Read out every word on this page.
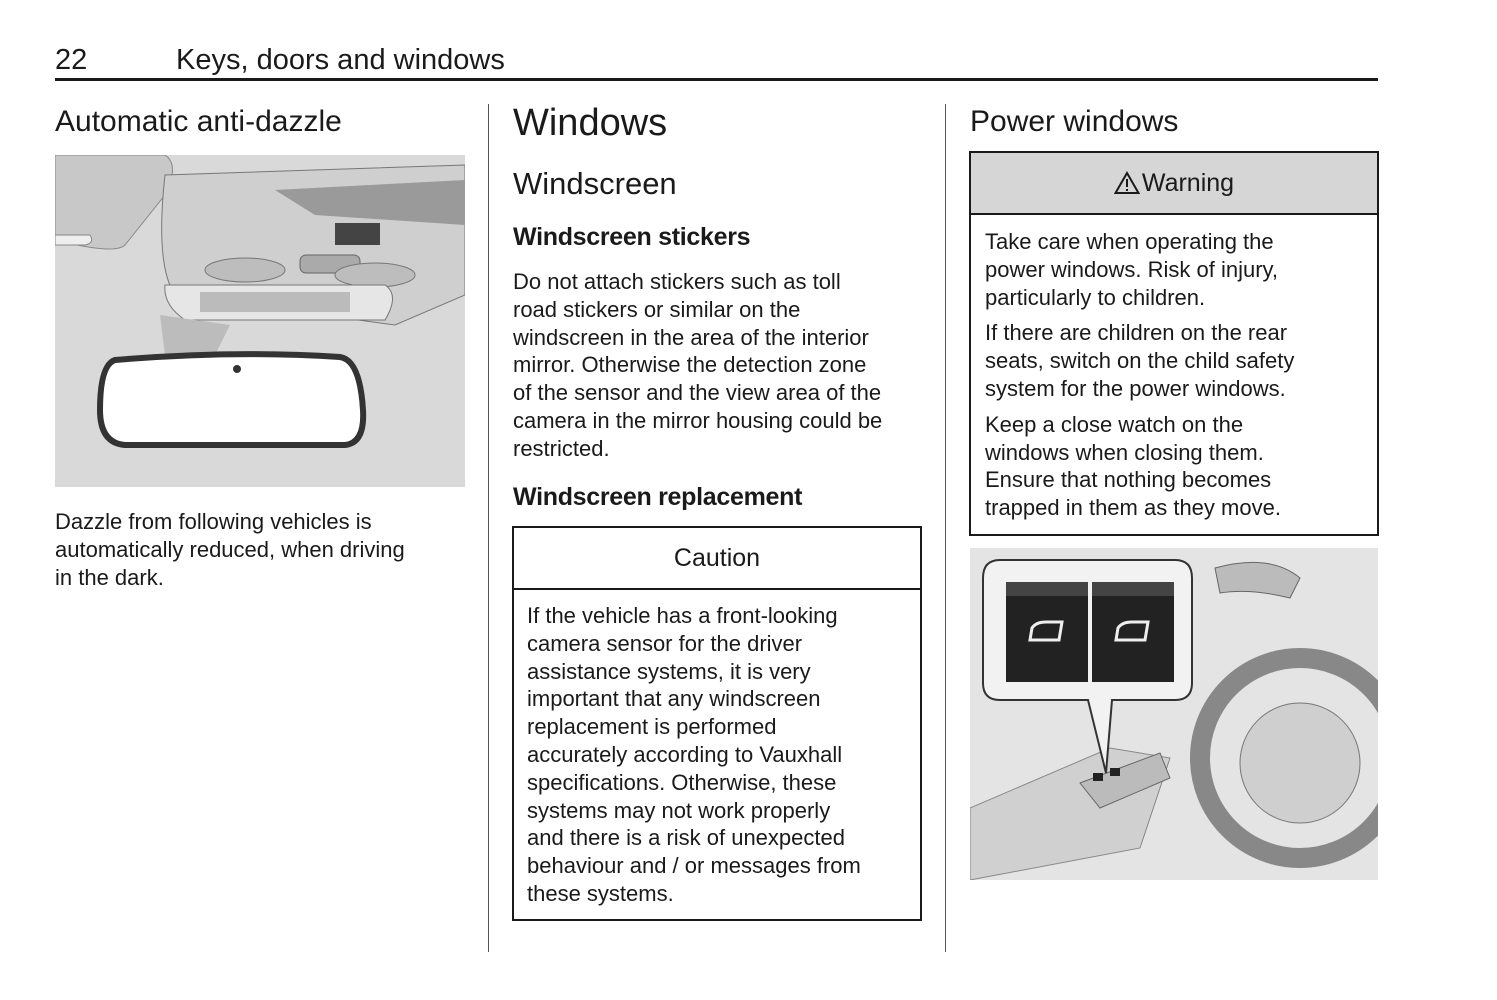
22	Keys, doors and windows
Automatic anti-dazzle
Dazzle from following vehicles is
automatically reduced, when driving
in the dark.
Windows
Windscreen
Windscreen stickers
Do not attach stickers such as toll
road stickers or similar on the
windscreen in the area of the interior
mirror. Otherwise the detection zone
of the sensor and the view area of the
camera in the mirror housing could be
restricted.
Windscreen replacement
Caution
If the vehicle has a front-looking
camera sensor for the driver
assistance systems, it is very
important that any windscreen
replacement is performed
accurately according to Vauxhall
specifications. Otherwise, these
systems may not work properly
and there is a risk of unexpected
behaviour and / or messages from
these systems.
Power windows
Warning
Take care when operating the
power windows. Risk of injury,
particularly to children.
If there are children on the rear
seats, switch on the child safety
system for the power windows.
Keep a close watch on the
windows when closing them.
Ensure that nothing becomes
trapped in them as they move.
